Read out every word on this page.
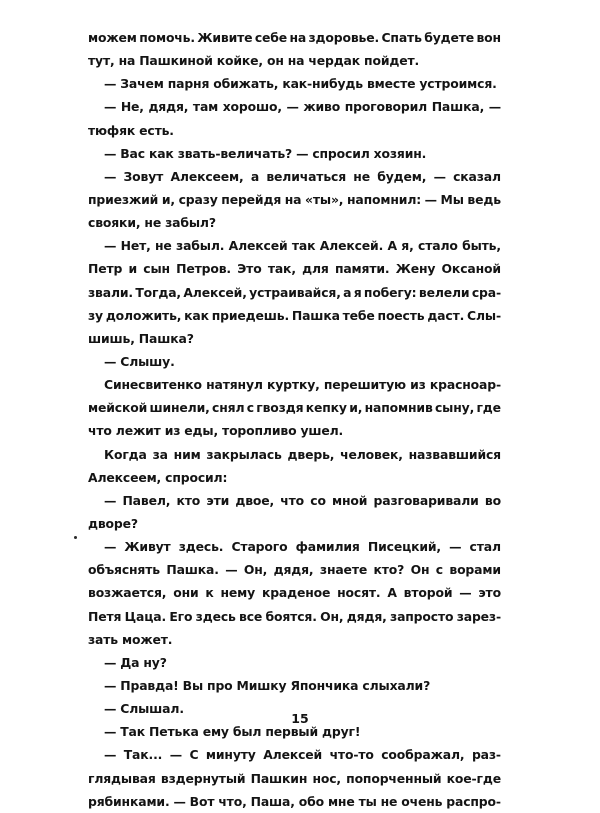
можем помочь. Живите себе на здоровье. Спать будете вон
тут, на Пашкиной койке, он на чердак пойдет.
— Зачем парня обижать, как-нибудь вместе устроимся.
— Не, дядя, там хорошо, — живо проговорил Пашка, —
тюфяк есть.
— Вас как звать-величать? — спросил хозяин.
— Зовут Алексеем, а величаться не будем, — сказал
приезжий и, сразу перейдя на «ты», напомнил: — Мы ведь
свояки, не забыл?
— Нет, не забыл. Алексей так Алексей. А я, стало быть,
Петр и сын Петров. Это так, для памяти. Жену Оксаной
звали. Тогда, Алексей, устраивайся, а я побегу: велели сра-
зу доложить, как приедешь. Пашка тебе поесть даст. Слы-
шишь, Пашка?
— Слышу.
Синесвитенко натянул куртку, перешитую из красноар-
мейской шинели, снял с гвоздя кепку и, напомнив сыну, где
что лежит из еды, торопливо ушел.
Когда за ним закрылась дверь, человек, назвавшийся
Алексеем, спросил:
— Павел, кто эти двое, что со мной разговаривали во
дворе?
— Живут здесь. Старого фамилия Писецкий, — стал
объяснять Пашка. — Он, дядя, знаете кто? Он с ворами
возжается, они к нему краденое носят. А второй — это
Петя Цаца. Его здесь все боятся. Он, дядя, запросто зарез-
зать может.
— Да ну?
— Правда! Вы про Мишку Япончика слыхали?
— Слышал.
— Так Петька ему был первый друг!
— Так... — С минуту Алексей что-то соображал, раз-
глядывая вздернутый Пашкин нос, попорченный кое-где
рябинками. — Вот что, Паша, обо мне ты не очень распро-
15
